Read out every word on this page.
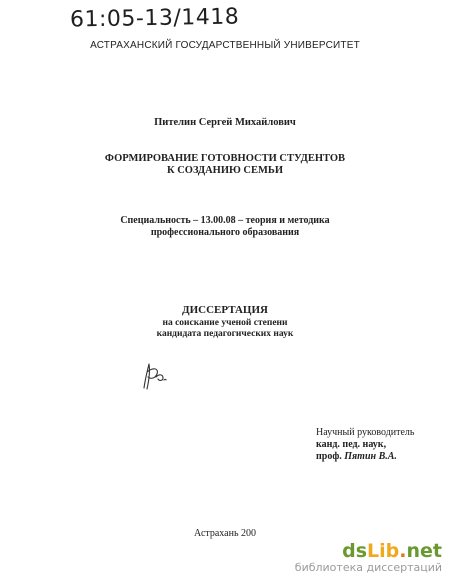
61:05-13/1418
АСТРАХАНСКИЙ ГОСУДАРСТВЕННЫЙ УНИВЕРСИТЕТ
Пителин Сергей Михайлович
ФОРМИРОВАНИЕ ГОТОВНОСТИ СТУДЕНТОВ
К СОЗДАНИЮ СЕМЬИ
Специальность – 13.00.08 – теория и методика
профессионального образования
ДИССЕРТАЦИЯ
на соискание ученой степени
кандидата педагогических наук
Научный руководитель
канд. пед. наук,
проф. Пятин В.А.
Астрахань 200
dsLib.net
библиотека диссертаций
